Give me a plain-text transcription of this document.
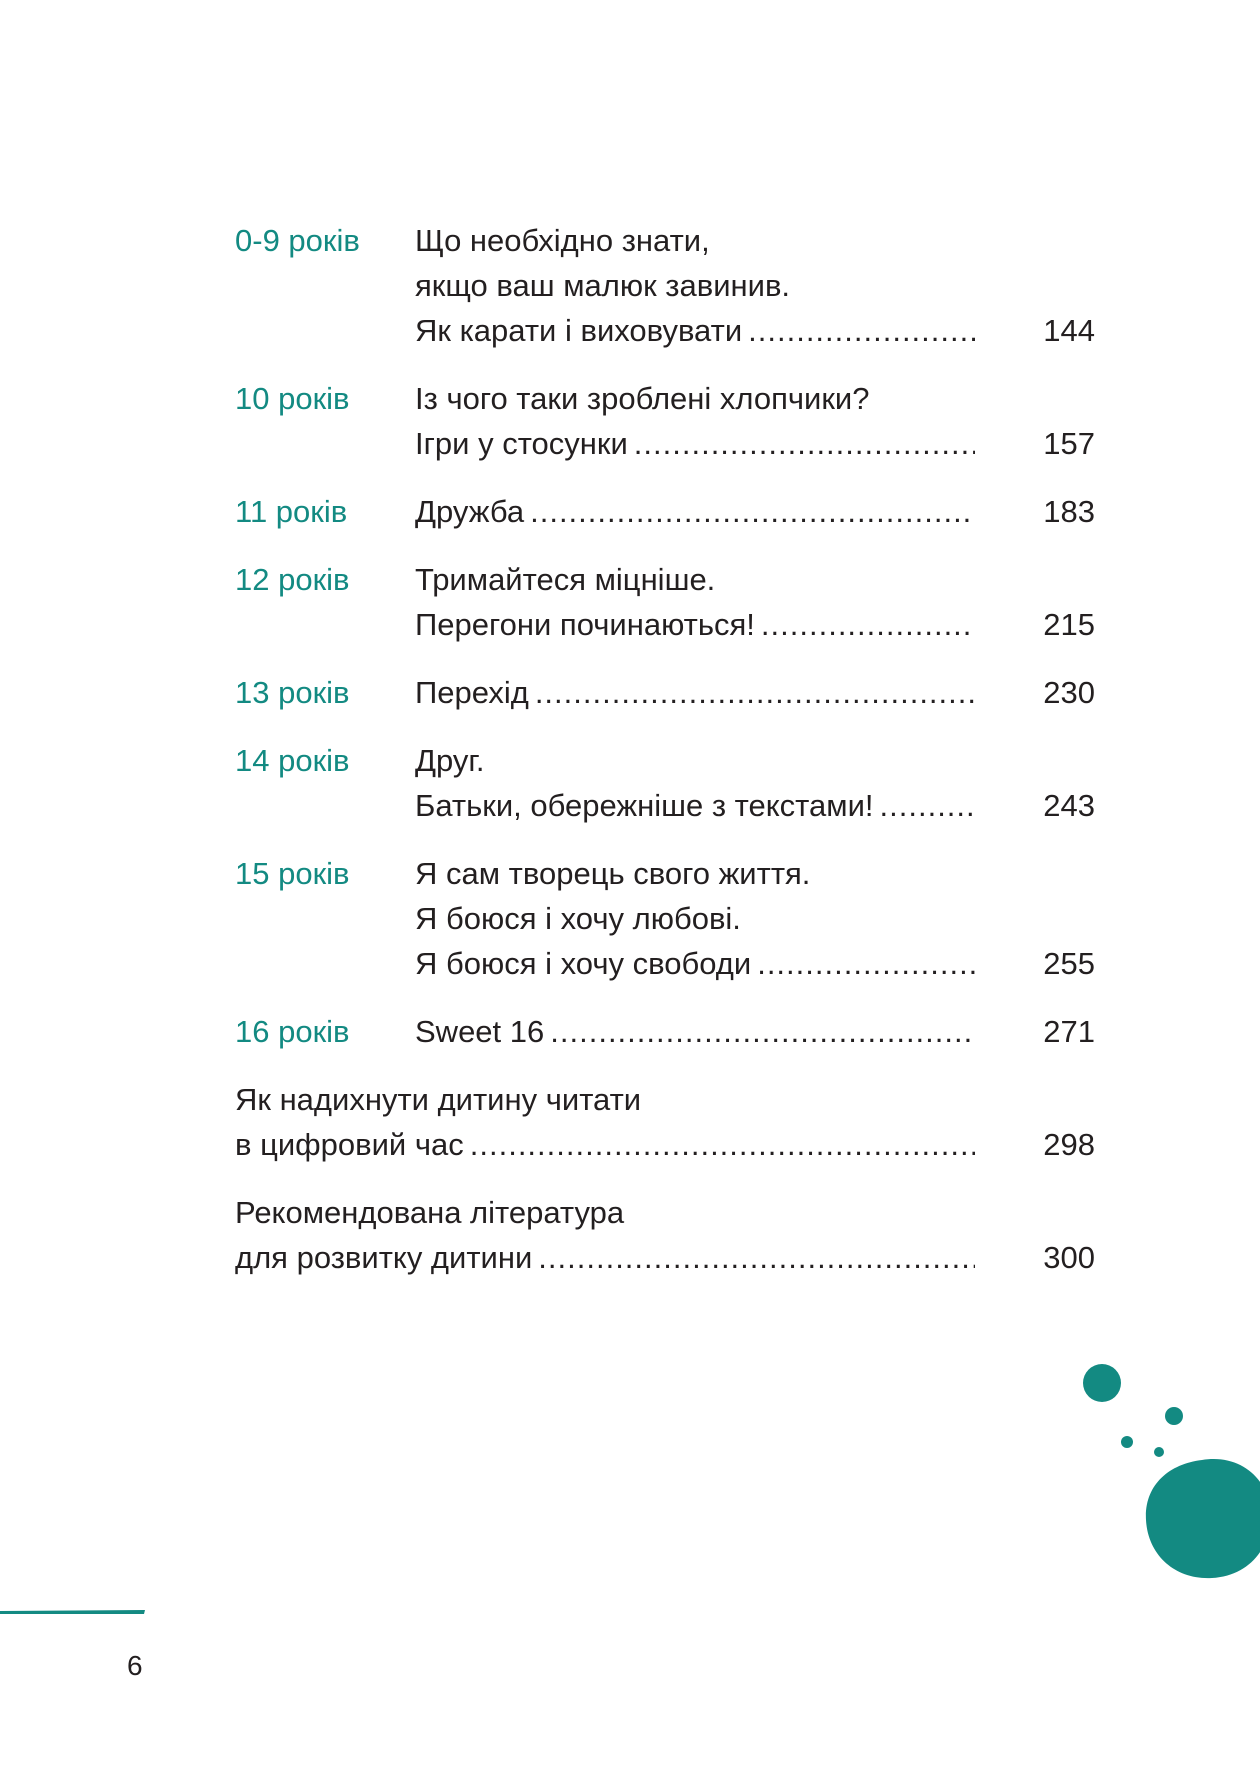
0-9 років	Що необхідно знати,
якщо ваш малюк завинив.
Як карати і виховувати .....	144
10 років	Із чого таки зроблені хлопчики?
Ігри у стосунки .....	157
11 років	Дружба .....	183
12 років	Тримайтеся міцніше.
Перегони починаються! .....	215
13 років	Перехід .....	230
14 років	Друг.
Батьки, обережніше з текстами! .....	243
15 років	Я сам творець свого життя.
Я боюся і хочу любові.
Я боюся і хочу свободи .....	255
16 років	Sweet 16 .....	271
Як надихнути дитину читати
в цифровий час .....	298
Рекомендована література
для розвитку дитини .....	300
6
